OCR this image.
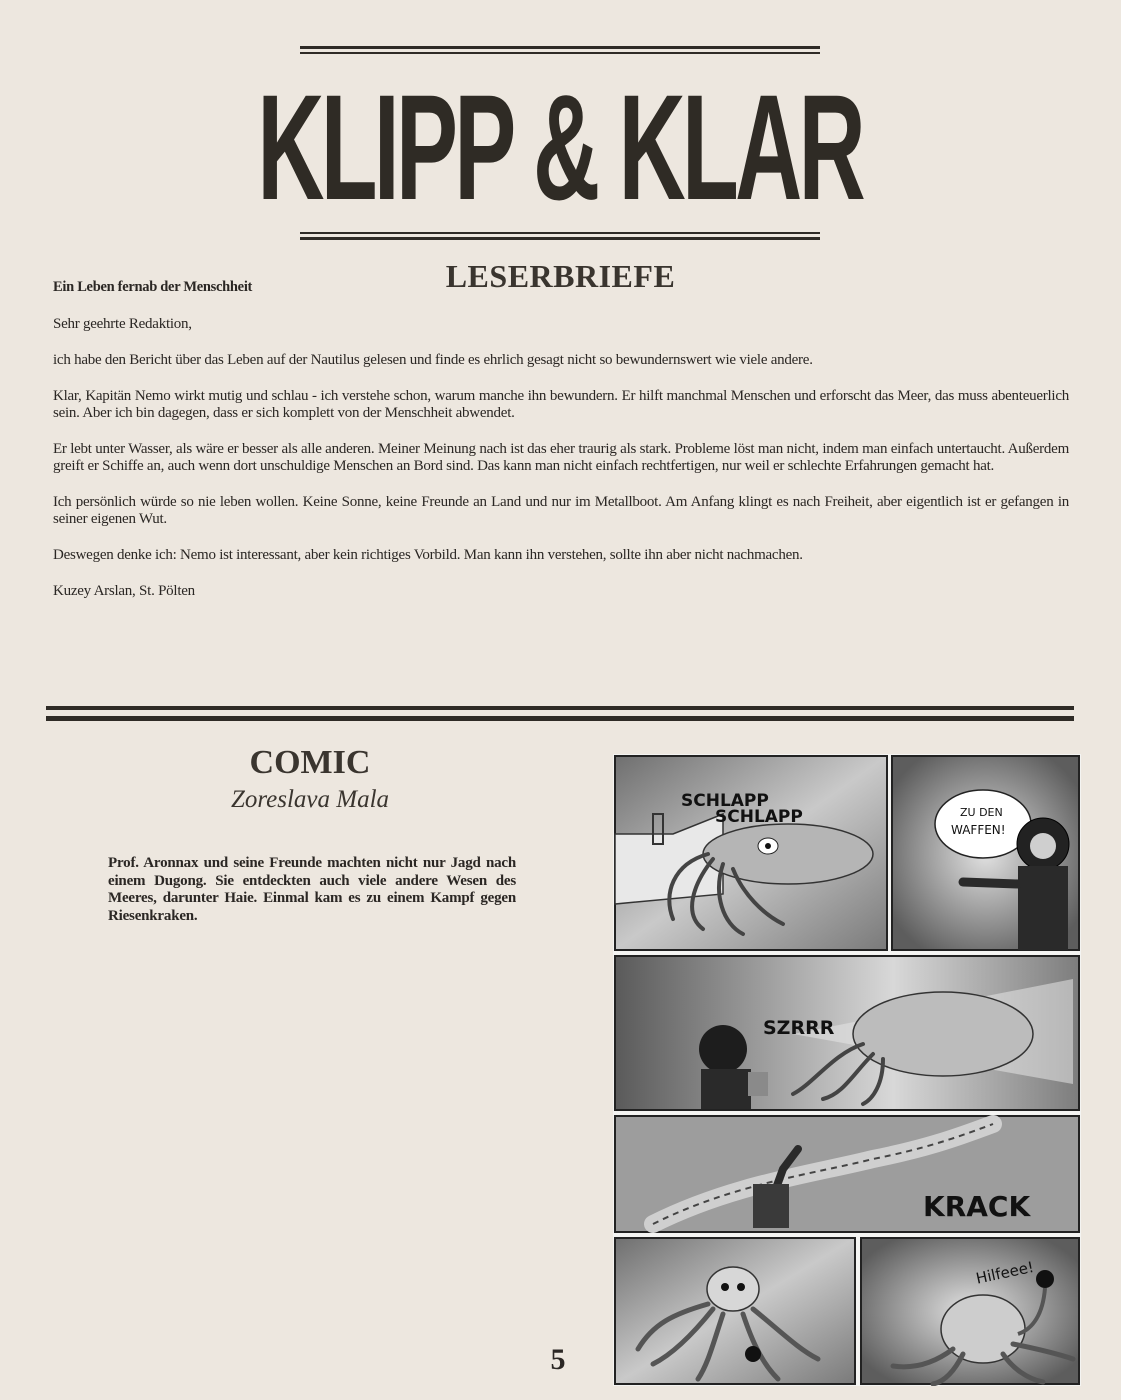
KLIPP & KLAR
LESERBRIEFE
Ein Leben fernab der Menschheit

Sehr geehrte Redaktion,

ich habe den Bericht über das Leben auf der Nautilus gelesen und finde es ehrlich gesagt nicht so bewundernswert wie viele andere.

Klar, Kapitän Nemo wirkt mutig und schlau - ich verstehe schon, warum manche ihn bewundern. Er hilft manchmal Menschen und erforscht das Meer, das muss abenteuerlich sein. Aber ich bin dagegen, dass er sich komplett von der Menschheit abwendet.

Er lebt unter Wasser, als wäre er besser als alle anderen. Meiner Meinung nach ist das eher traurig als stark. Probleme löst man nicht, indem man einfach untertaucht. Außerdem greift er Schiffe an, auch wenn dort unschuldige Menschen an Bord sind. Das kann man nicht einfach rechtfertigen, nur weil er schlechte Erfahrungen gemacht hat.

Ich persönlich würde so nie leben wollen. Keine Sonne, keine Freunde an Land und nur im Metallboot. Am Anfang klingt es nach Freiheit, aber eigentlich ist er gefangen in seiner eigenen Wut.

Deswegen denke ich: Nemo ist interessant, aber kein richtiges Vorbild. Man kann ihn verstehen, sollte ihn aber nicht nachmachen.

Kuzey Arslan, St. Pölten

COMIC
Zoreslava Mala
Prof. Aronnax und seine Freunde machten nicht nur Jagd nach einem Dugong. Sie entdeckten auch viele andere Wesen des Meeres, darunter Haie. Einmal kam es zu einem Kampf gegen Riesenkraken.
SCHLAPP
SCHLAPP	ZU DEN
WAFFEN!
SZRRR
KRACK
Hilfeee!
5
